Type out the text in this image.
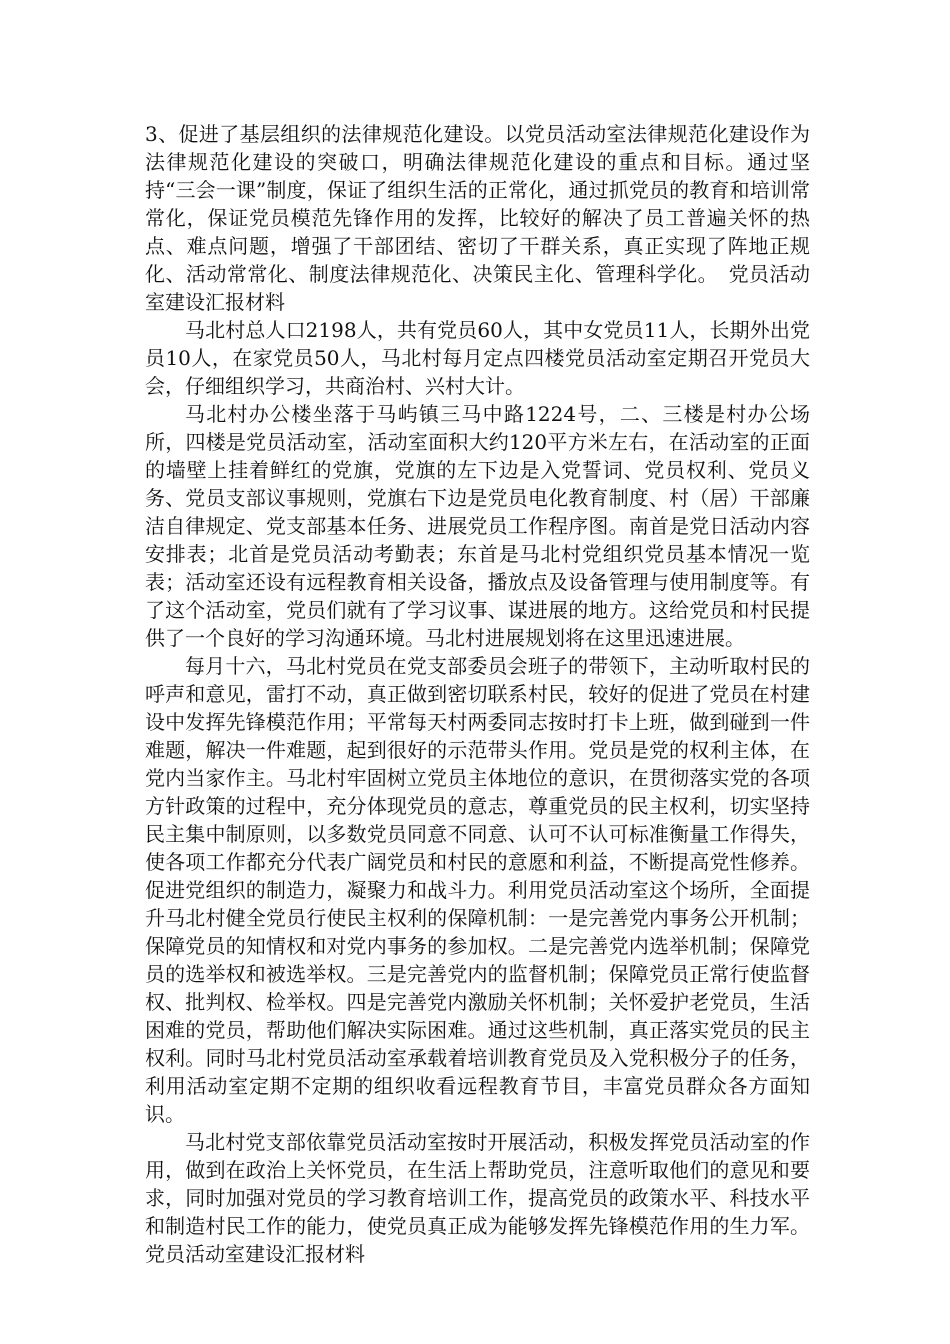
3、促进了基层组织的法律规范化建设。以党员活动室法律规范化建设作为法律规范化建设的突破口，明确法律规范化建设的重点和目标。通过坚持“三会一课”制度，保证了组织生活的正常化，通过抓党员的教育和培训常常化，保证党员模范先锋作用的发挥，比较好的解决了员工普遍关怀的热点、难点问题，增强了干部团结、密切了干群关系，真正实现了阵地正规化、活动常常化、制度法律规范化、决策民主化、管理科学化。　党员活动室建设汇报材料

马北村总人口2198人，共有党员60人，其中女党员11人，长期外出党员10人，在家党员50人，马北村每月定点四楼党员活动室定期召开党员大会，仔细组织学习，共商治村、兴村大计。

马北村办公楼坐落于马屿镇三马中路1224号，二、三楼是村办公场所，四楼是党员活动室，活动室面积大约120平方米左右，在活动室的正面的墙壁上挂着鲜红的党旗，党旗的左下边是入党誓词、党员权利、党员义务、党员支部议事规则，党旗右下边是党员电化教育制度、村（居）干部廉洁自律规定、党支部基本任务、进展党员工作程序图。南首是党日活动内容安排表；北首是党员活动考勤表；东首是马北村党组织党员基本情况一览表；活动室还设有远程教育相关设备，播放点及设备管理与使用制度等。有了这个活动室，党员们就有了学习议事、谋进展的地方。这给党员和村民提供了一个良好的学习沟通环境。马北村进展规划将在这里迅速进展。

每月十六，马北村党员在党支部委员会班子的带领下，主动听取村民的呼声和意见，雷打不动，真正做到密切联系村民，较好的促进了党员在村建设中发挥先锋模范作用；平常每天村两委同志按时打卡上班，做到碰到一件难题，解决一件难题，起到很好的示范带头作用。党员是党的权利主体，在党内当家作主。马北村牢固树立党员主体地位的意识，在贯彻落实党的各项方针政策的过程中，充分体现党员的意志，尊重党员的民主权利，切实坚持民主集中制原则，以多数党员同意不同意、认可不认可标准衡量工作得失，使各项工作都充分代表广阔党员和村民的意愿和利益，不断提高党性修养。促进党组织的制造力，凝聚力和战斗力。利用党员活动室这个场所，全面提升马北村健全党员行使民主权利的保障机制：一是完善党内事务公开机制；保障党员的知情权和对党内事务的参加权。二是完善党内选举机制；保障党员的选举权和被选举权。三是完善党内的监督机制；保障党员正常行使监督权、批判权、检举权。四是完善党内激励关怀机制；关怀爱护老党员，生活困难的党员，帮助他们解决实际困难。通过这些机制，真正落实党员的民主权利。同时马北村党员活动室承载着培训教育党员及入党积极分子的任务，利用活动室定期不定期的组织收看远程教育节目，丰富党员群众各方面知识。

马北村党支部依靠党员活动室按时开展活动，积极发挥党员活动室的作用，做到在政治上关怀党员，在生活上帮助党员，注意听取他们的意见和要求，同时加强对党员的学习教育培训工作，提高党员的政策水平、科技水平和制造村民工作的能力，使党员真正成为能够发挥先锋模范作用的生力军。党员活动室建设汇报材料
